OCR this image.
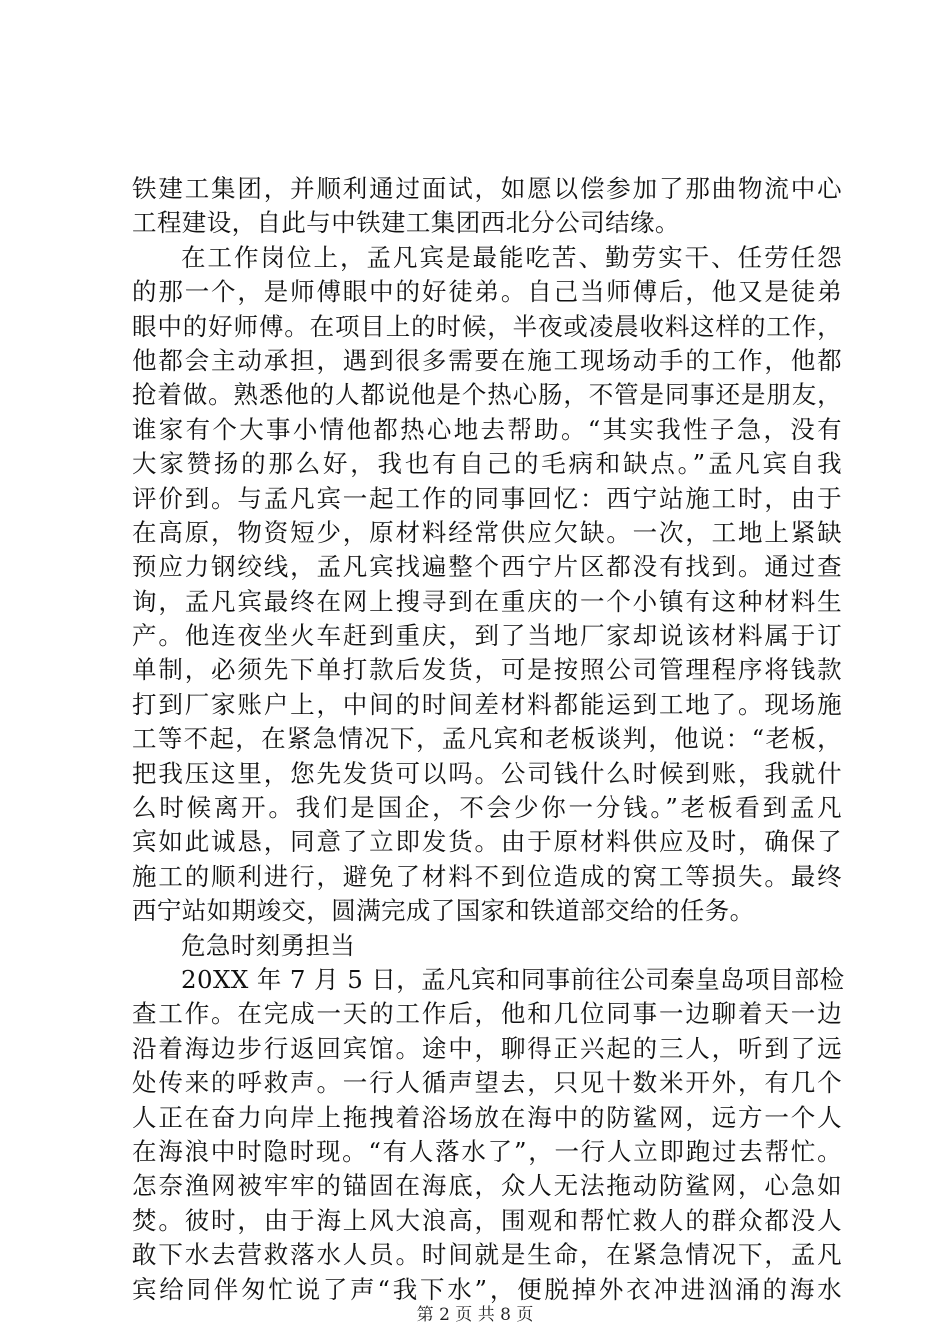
铁建工集团，并顺利通过面试，如愿以偿参加了那曲物流中心
工程建设，自此与中铁建工集团西北分公司结缘。
在工作岗位上，孟凡宾是最能吃苦、勤劳实干、任劳任怨
的那一个，是师傅眼中的好徒弟。自己当师傅后，他又是徒弟
眼中的好师傅。在项目上的时候，半夜或凌晨收料这样的工作，
他都会主动承担，遇到很多需要在施工现场动手的工作，他都
抢着做。熟悉他的人都说他是个热心肠，不管是同事还是朋友，
谁家有个大事小情他都热心地去帮助。“其实我性子急，没有
大家赞扬的那么好，我也有自己的毛病和缺点。”孟凡宾自我
评价到。与孟凡宾一起工作的同事回忆：西宁站施工时，由于
在高原，物资短少，原材料经常供应欠缺。一次，工地上紧缺
预应力钢绞线，孟凡宾找遍整个西宁片区都没有找到。通过查
询，孟凡宾最终在网上搜寻到在重庆的一个小镇有这种材料生
产。他连夜坐火车赶到重庆，到了当地厂家却说该材料属于订
单制，必须先下单打款后发货，可是按照公司管理程序将钱款
打到厂家账户上，中间的时间差材料都能运到工地了。现场施
工等不起，在紧急情况下，孟凡宾和老板谈判，他说：“老板，
把我压这里，您先发货可以吗。公司钱什么时候到账，我就什
么时候离开。我们是国企，不会少你一分钱。”老板看到孟凡
宾如此诚恳，同意了立即发货。由于原材料供应及时，确保了
施工的顺利进行，避免了材料不到位造成的窝工等损失。最终
西宁站如期竣交，圆满完成了国家和铁道部交给的任务。
危急时刻勇担当
20XX 年 7 月 5 日，孟凡宾和同事前往公司秦皇岛项目部检
查工作。在完成一天的工作后，他和几位同事一边聊着天一边
沿着海边步行返回宾馆。途中，聊得正兴起的三人，听到了远
处传来的呼救声。一行人循声望去，只见十数米开外，有几个
人正在奋力向岸上拖拽着浴场放在海中的防鲨网，远方一个人
在海浪中时隐时现。“有人落水了”，一行人立即跑过去帮忙。
怎奈渔网被牢牢的锚固在海底，众人无法拖动防鲨网，心急如
焚。彼时，由于海上风大浪高，围观和帮忙救人的群众都没人
敢下水去营救落水人员。时间就是生命，在紧急情况下，孟凡
宾给同伴匆忙说了声“我下水”，便脱掉外衣冲进汹涌的海水
第 2 页 共 8 页
